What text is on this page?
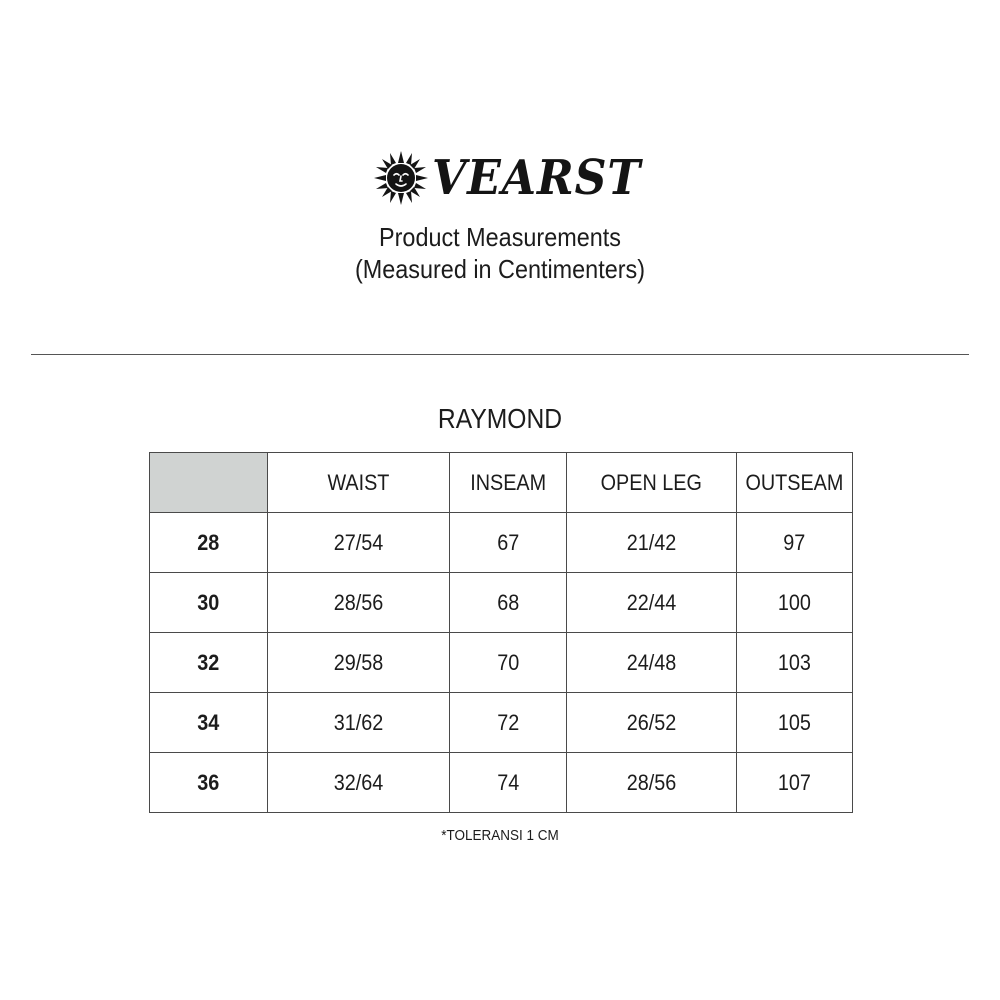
VEARST
Product Measurements
(Measured in Centimenters)
RAYMOND
	WAIST	INSEAM	OPEN LEG	OUTSEAM
28	27/54	67	21/42	97
30	28/56	68	22/44	100
32	29/58	70	24/48	103
34	31/62	72	26/52	105
36	32/64	74	28/56	107
*TOLERANSI 1 CM
